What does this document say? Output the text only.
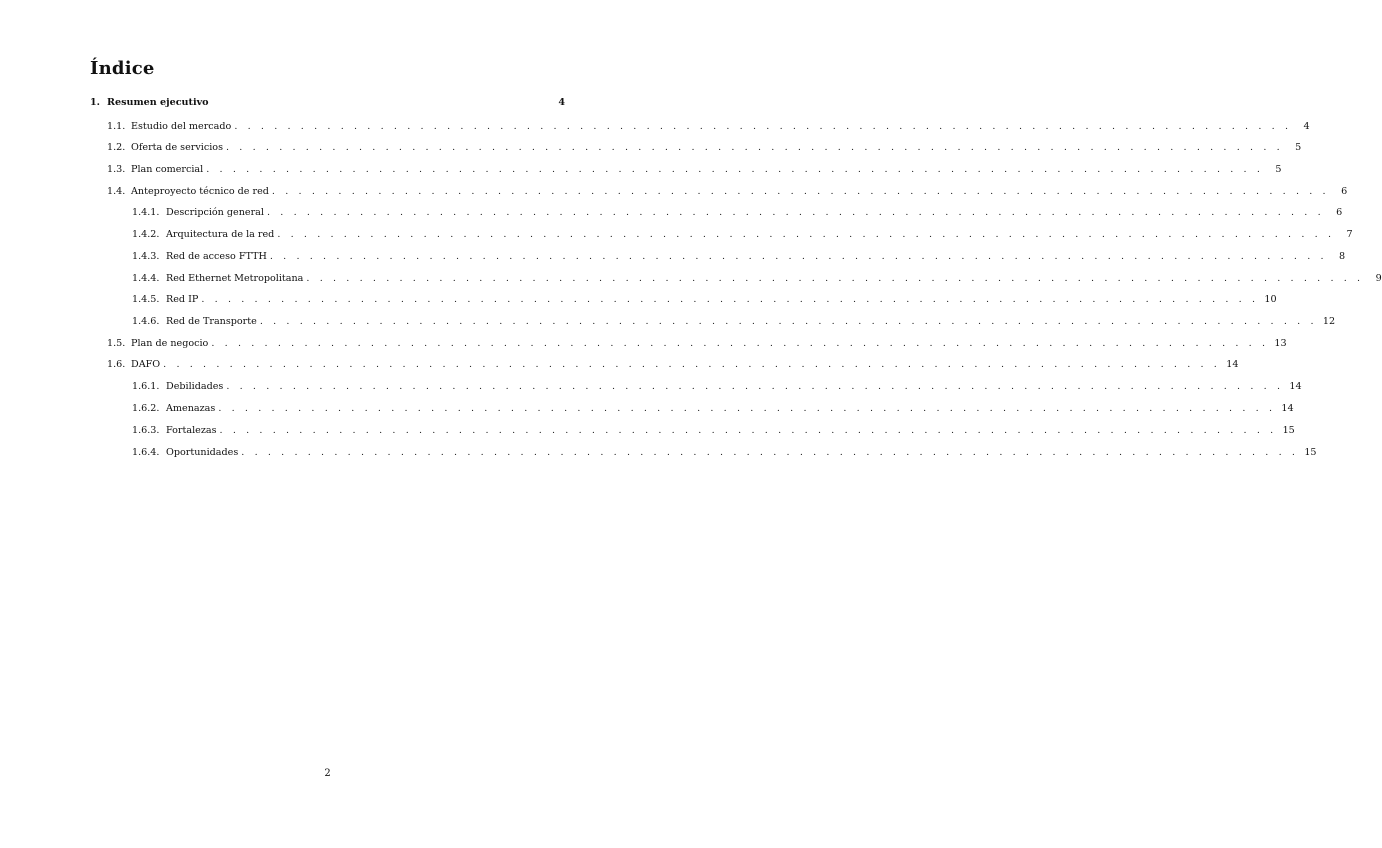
Índice
1. Resumen ejecutivo	4
1.1. Estudio del mercado . . . . . . . . . . . . . . . . . . . . . . . . . . . . . . . . . . . . . . . . . . . . . . . . . . . . . . . . . . . . . . . . . . . . . . . . . . . . . . . .	4
1.2. Oferta de servicios . . . . . . . . . . . . . . . . . . . . . . . . . . . . . . . . . . . . . . . . . . . . . . . . . . . . . . . . . . . . . . . . . . . . . . . . . . . . . . . .	5
1.3. Plan comercial . . . . . . . . . . . . . . . . . . . . . . . . . . . . . . . . . . . . . . . . . . . . . . . . . . . . . . . . . . . . . . . . . . . . . . . . . . . . . . . .	5
1.4. Anteproyecto técnico de red . . . . . . . . . . . . . . . . . . . . . . . . . . . . . . . . . . . . . . . . . . . . . . . . . . . . . . . . . . . . . . . . . . . . . . . . . . . . . . . .	6
1.4.1. Descripción general . . . . . . . . . . . . . . . . . . . . . . . . . . . . . . . . . . . . . . . . . . . . . . . . . . . . . . . . . . . . . . . . . . . . . . . . . . . . . . . .	6
1.4.2. Arquitectura de la red . . . . . . . . . . . . . . . . . . . . . . . . . . . . . . . . . . . . . . . . . . . . . . . . . . . . . . . . . . . . . . . . . . . . . . . . . . . . . . . .	7
1.4.3. Red de acceso FTTH . . . . . . . . . . . . . . . . . . . . . . . . . . . . . . . . . . . . . . . . . . . . . . . . . . . . . . . . . . . . . . . . . . . . . . . . . . . . . . . .	8
1.4.4. Red Ethernet Metropolitana . . . . . . . . . . . . . . . . . . . . . . . . . . . . . . . . . . . . . . . . . . . . . . . . . . . . . . . . . . . . . . . . . . . . . . . . . . . . . . . .	9
1.4.5. Red IP . . . . . . . . . . . . . . . . . . . . . . . . . . . . . . . . . . . . . . . . . . . . . . . . . . . . . . . . . . . . . . . . . . . . . . . . . . . . . . . . 10
1.4.6. Red de Transporte . . . . . . . . . . . . . . . . . . . . . . . . . . . . . . . . . . . . . . . . . . . . . . . . . . . . . . . . . . . . . . . . . . . . . . . . . . . . . . . . 12
1.5. Plan de negocio . . . . . . . . . . . . . . . . . . . . . . . . . . . . . . . . . . . . . . . . . . . . . . . . . . . . . . . . . . . . . . . . . . . . . . . . . . . . . . . . 13
1.6. DAFO . . . . . . . . . . . . . . . . . . . . . . . . . . . . . . . . . . . . . . . . . . . . . . . . . . . . . . . . . . . . . . . . . . . . . . . . . . . . . . . . 14
1.6.1. Debilidades . . . . . . . . . . . . . . . . . . . . . . . . . . . . . . . . . . . . . . . . . . . . . . . . . . . . . . . . . . . . . . . . . . . . . . . . . . . . . . . . 14
1.6.2. Amenazas . . . . . . . . . . . . . . . . . . . . . . . . . . . . . . . . . . . . . . . . . . . . . . . . . . . . . . . . . . . . . . . . . . . . . . . . . . . . . . . . 14
1.6.3. Fortalezas . . . . . . . . . . . . . . . . . . . . . . . . . . . . . . . . . . . . . . . . . . . . . . . . . . . . . . . . . . . . . . . . . . . . . . . . . . . . . . . . 15
1.6.4. Oportunidades . . . . . . . . . . . . . . . . . . . . . . . . . . . . . . . . . . . . . . . . . . . . . . . . . . . . . . . . . . . . . . . . . . . . . . . . . . . . . . . . 15
2
